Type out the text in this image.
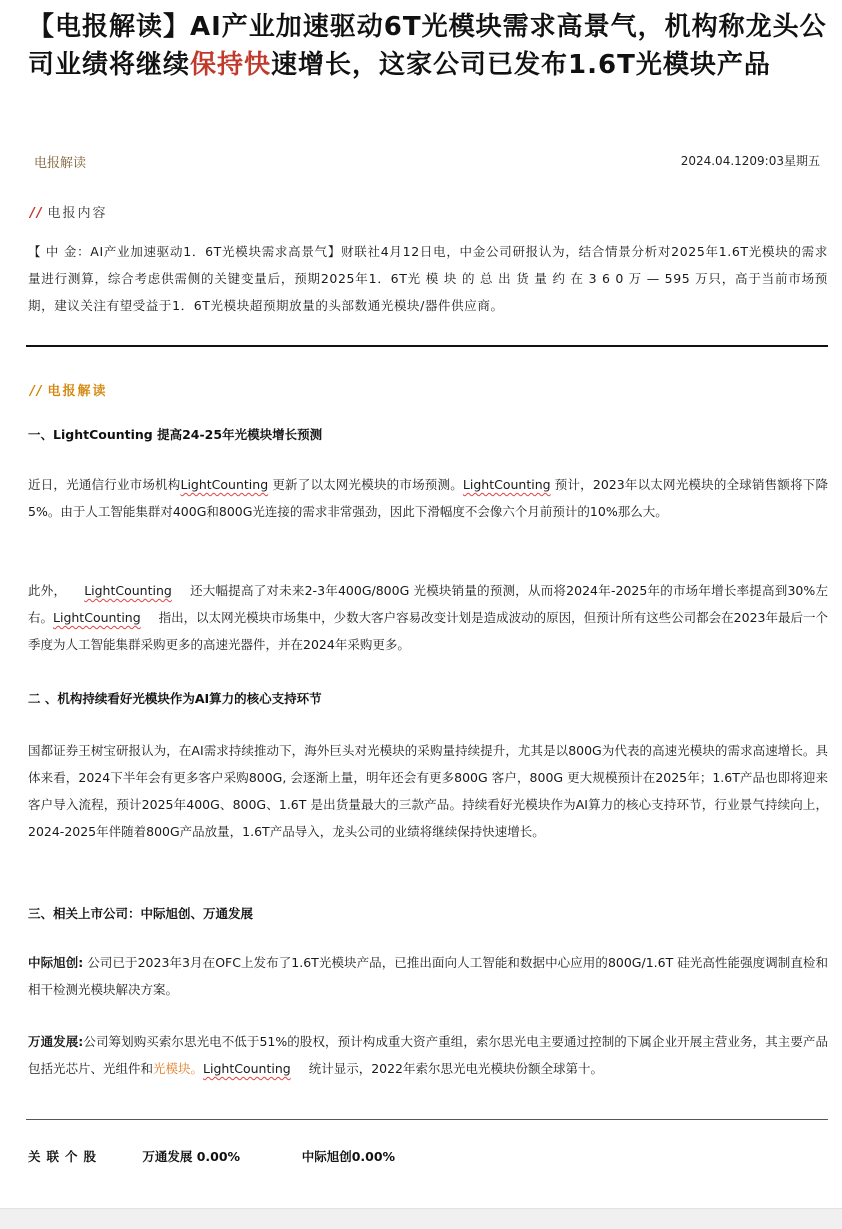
【电报解读】AI产业加速驱动6T光模块需求高景气，机构称龙头公司业绩将继续保持快速增长，这家公司已发布1.6T光模块产品
电报解读	2024.04.1209:03星期五
// 电报内容
【 中 金：AI产业加速驱动1．6T光模块需求高景气】财联社4月12日电，中金公司研报认为，结合情景分析对2025年1.6T光模块的需求量进行测算，综合考虑供需侧的关键变量后，预期2025年1．6T光 模 块 的 总 出 货 量 约 在 3 6 0 万 — 595 万只，高于当前市场预期，建议关注有望受益于1．6T光模块超预期放量的头部数通光模块/器件供应商。
// 电报解读
一、LightCounting 提高24-25年光模块增长预测
近日，光通信行业市场机构LightCounting 更新了以太网光模块的市场预测。LightCounting 预计，2023年以太网光模块的全球销售额将下降5%。由于人工智能集群对400G和800G光连接的需求非常强劲，因此下滑幅度不会像六个月前预计的10%那么大。
此外， LightCounting 还大幅提高了对未来2-3年400G/800G 光模块销量的预测，从而将2024年-2025年的市场年增长率提高到30%左右。LightCounting 指出，以太网光模块市场集中，少数大客户容易改变计划是造成波动的原因，但预计所有这些公司都会在2023年最后一个季度为人工智能集群采购更多的高速光器件，并在2024年采购更多。
二 、机构持续看好光模块作为AI算力的核心支持环节
国都证券王树宝研报认为，在AI需求持续推动下，海外巨头对光模块的采购量持续提升，尤其是以800G为代表的高速光模块的需求高速增长。具体来看，2024下半年会有更多客户采购800G, 会逐渐上量，明年还会有更多800G 客户，800G 更大规模预计在2025年；1.6T产品也即将迎来客户导入流程，预计2025年400G、800G、1.6T 是出货量最大的三款产品。持续看好光模块作为AI算力的核心支持环节，行业景气持续向上，2024-2025年伴随着800G产品放量，1.6T产品导入，龙头公司的业绩将继续保持快速增长。
三、相关上市公司：中际旭创、万通发展
中际旭创: 公司已于2023年3月在OFC上发布了1.6T光模块产品，已推出面向人工智能和数据中心应用的800G/1.6T 硅光高性能强度调制直检和相干检测光模块解决方案。
万通发展:公司筹划购买索尔思光电不低于51%的股权，预计构成重大资产重组，索尔思光电主要通过控制的下属企业开展主营业务，其主要产品包括光芯片、光组件和光模块。LightCounting 统计显示，2022年索尔思光电光模块份额全球第十。
关联个股	万通发展 0.00%	中际旭创0.00%
